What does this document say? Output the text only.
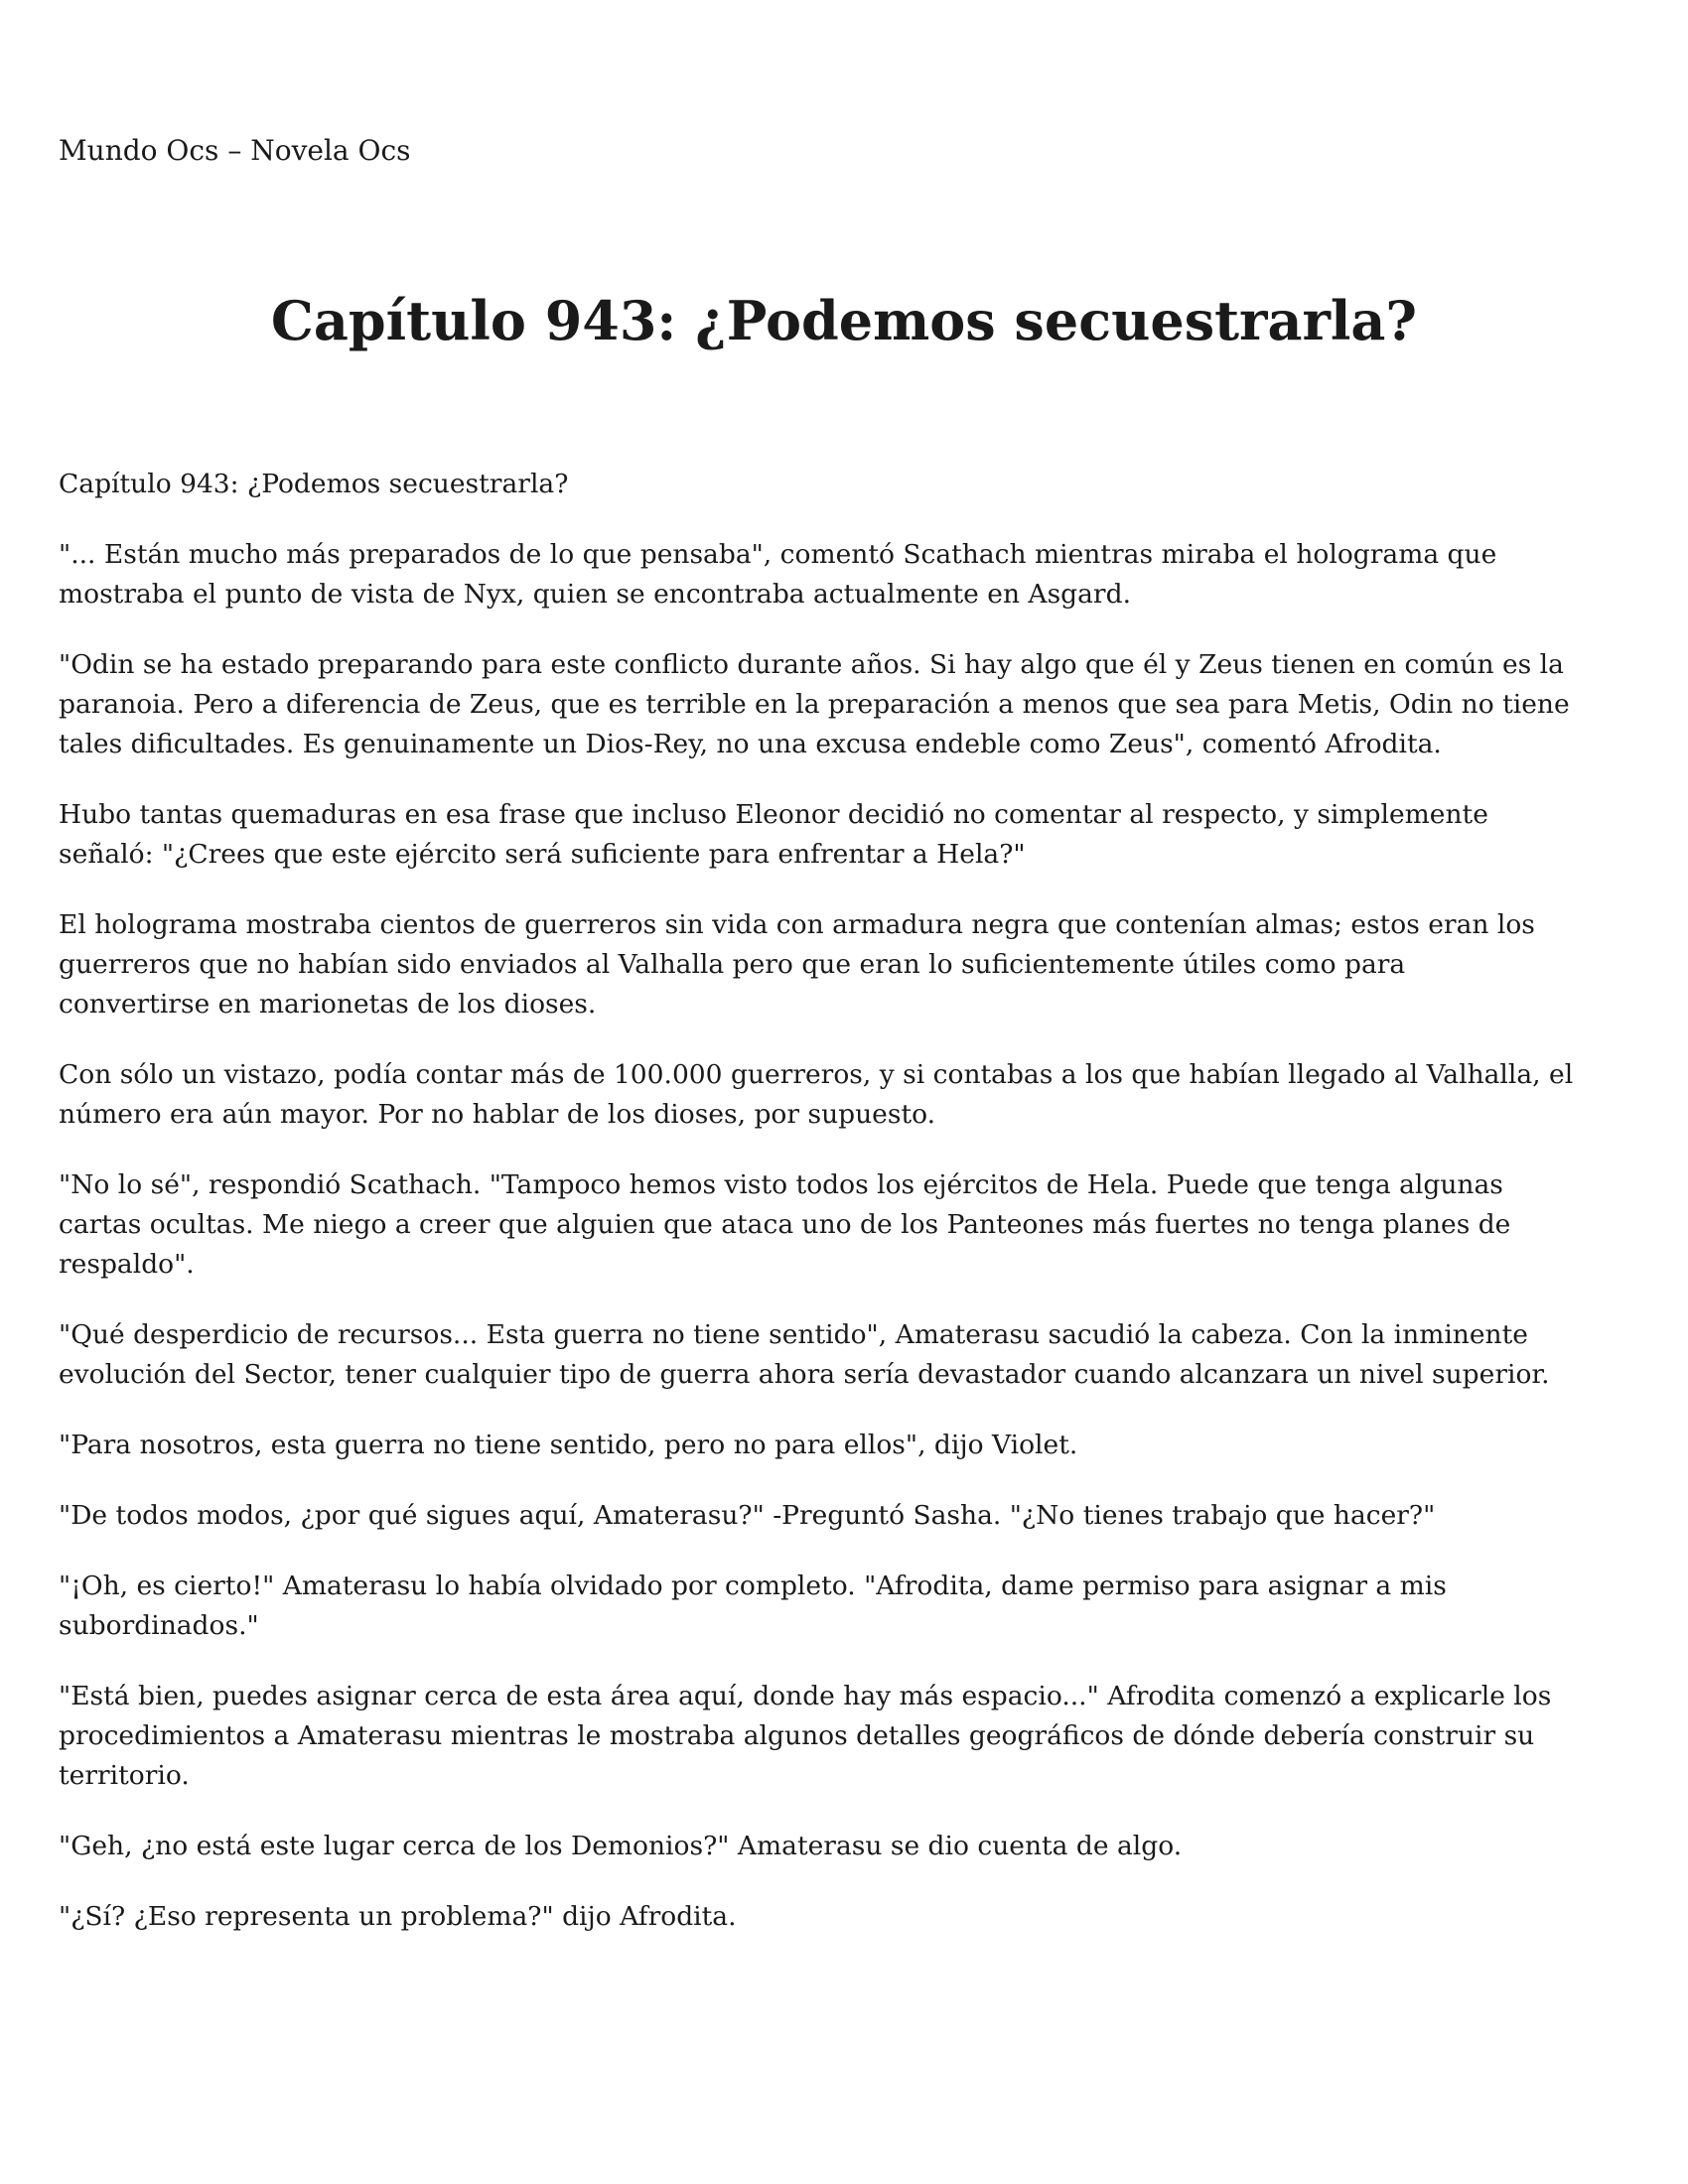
Mundo Ocs – Novela Ocs
Capítulo 943: ¿Podemos secuestrarla?

Capítulo 943: ¿Podemos secuestrarla?

"... Están mucho más preparados de lo que pensaba", comentó Scathach mientras miraba el holograma que
mostraba el punto de vista de Nyx, quien se encontraba actualmente en Asgard.

"Odin se ha estado preparando para este conflicto durante años. Si hay algo que él y Zeus tienen en común es la
paranoia. Pero a diferencia de Zeus, que es terrible en la preparación a menos que sea para Metis, Odin no tiene
tales dificultades. Es genuinamente un Dios-Rey, no una excusa endeble como Zeus", comentó Afrodita.

Hubo tantas quemaduras en esa frase que incluso Eleonor decidió no comentar al respecto, y simplemente
señaló: "¿Crees que este ejército será suficiente para enfrentar a Hela?"

El holograma mostraba cientos de guerreros sin vida con armadura negra que contenían almas; estos eran los
guerreros que no habían sido enviados al Valhalla pero que eran lo suficientemente útiles como para
convertirse en marionetas de los dioses.

Con sólo un vistazo, podía contar más de 100.000 guerreros, y si contabas a los que habían llegado al Valhalla, el
número era aún mayor. Por no hablar de los dioses, por supuesto.

"No lo sé", respondió Scathach. "Tampoco hemos visto todos los ejércitos de Hela. Puede que tenga algunas
cartas ocultas. Me niego a creer que alguien que ataca uno de los Panteones más fuertes no tenga planes de
respaldo".

"Qué desperdicio de recursos... Esta guerra no tiene sentido", Amaterasu sacudió la cabeza. Con la inminente
evolución del Sector, tener cualquier tipo de guerra ahora sería devastador cuando alcanzara un nivel superior.

"Para nosotros, esta guerra no tiene sentido, pero no para ellos", dijo Violet.

"De todos modos, ¿por qué sigues aquí, Amaterasu?" -Preguntó Sasha. "¿No tienes trabajo que hacer?"

"¡Oh, es cierto!" Amaterasu lo había olvidado por completo. "Afrodita, dame permiso para asignar a mis
subordinados."

"Está bien, puedes asignar cerca de esta área aquí, donde hay más espacio..." Afrodita comenzó a explicarle los
procedimientos a Amaterasu mientras le mostraba algunos detalles geográficos de dónde debería construir su
territorio.

"Geh, ¿no está este lugar cerca de los Demonios?" Amaterasu se dio cuenta de algo.

"¿Sí? ¿Eso representa un problema?" dijo Afrodita.
